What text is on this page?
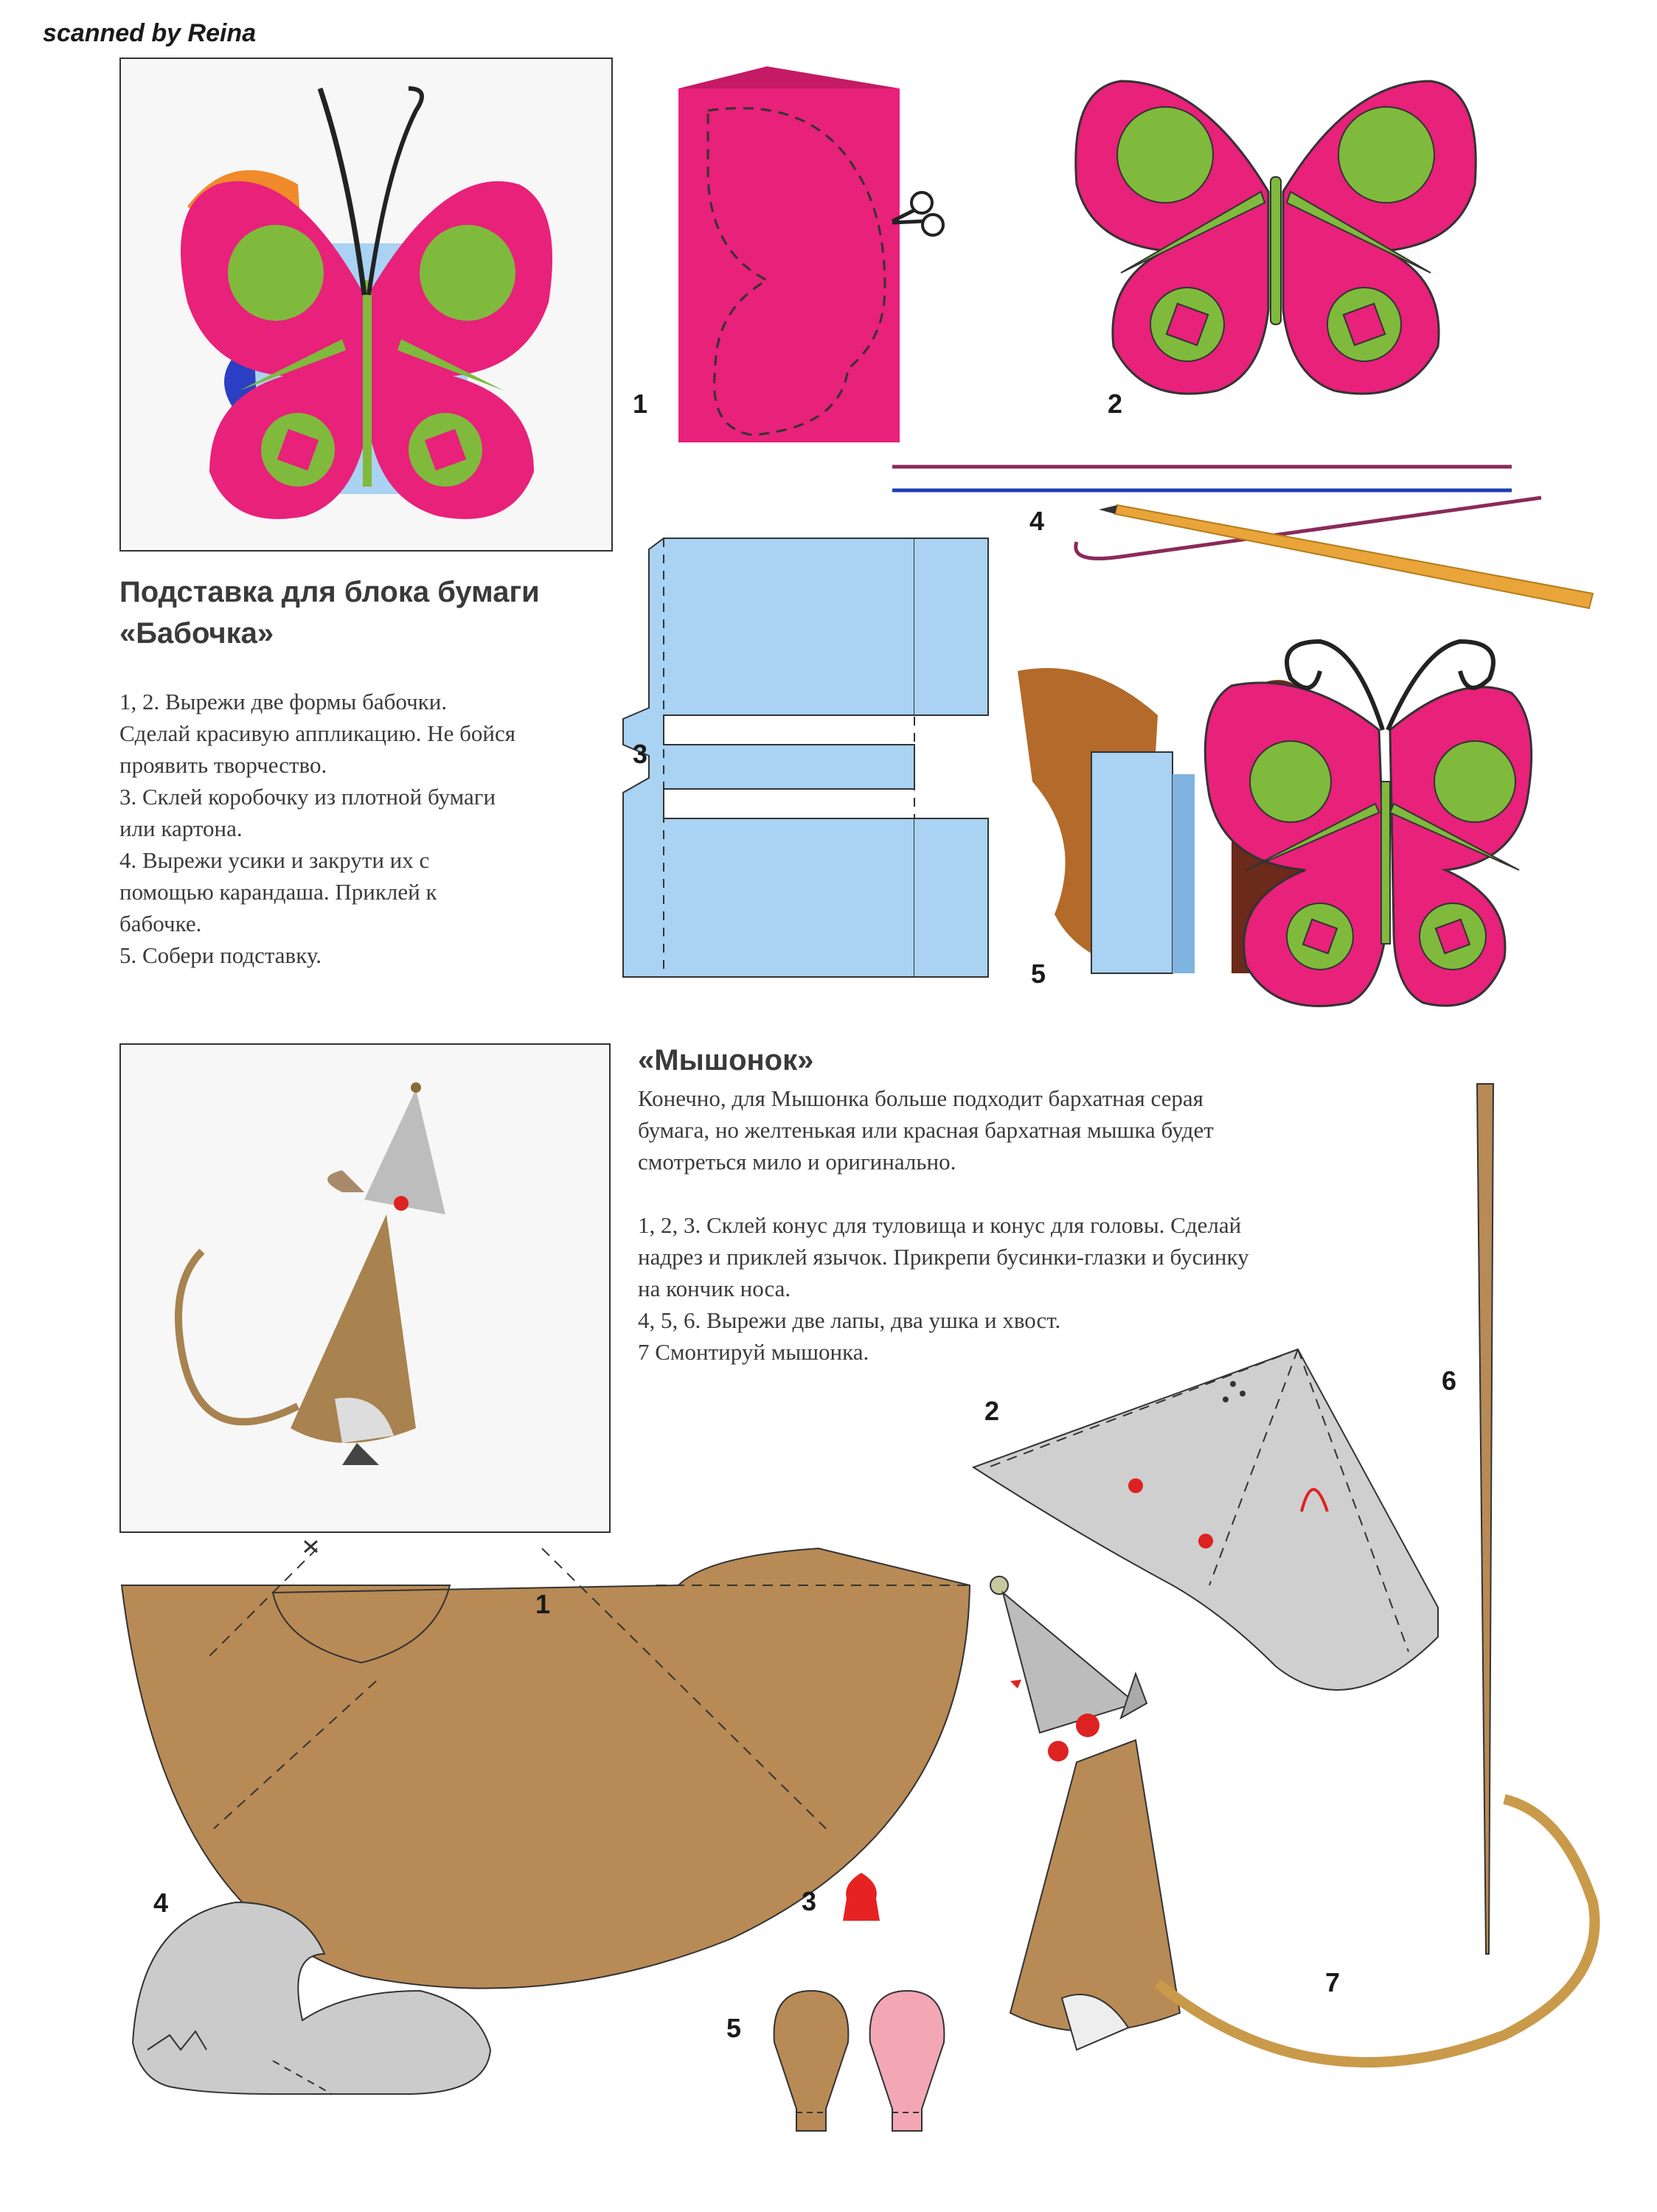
scanned by Reina
1	2
4
3
5
Подставка для блока бумаги
«Бабочка»

1, 2. Вырежи две формы бабочки.

Сделай красивую аппликацию. Не бойся

проявить творчество.

3. Склей коробочку из плотной бумаги

или картона.

4. Вырежи усики и закрути их с

помощью карандаша. Приклей к

бабочке.

5. Собери подставку.

«Мышонок»

Конечно, для Мышонка больше подходит бархатная серая

бумага, но желтенькая или красная бархатная мышка будет

смотреться мило и оригинально.

1, 2, 3. Склей конус для туловища и конус для головы. Сделай

надрез и приклей язычок. Прикрепи бусинки-глазки и бусинку

на кончик носа.

4, 5, 6. Вырежи две лапы, два ушка и хвост.

7 Смонтируй мышонка.

6
2
1
7
3
4
5
